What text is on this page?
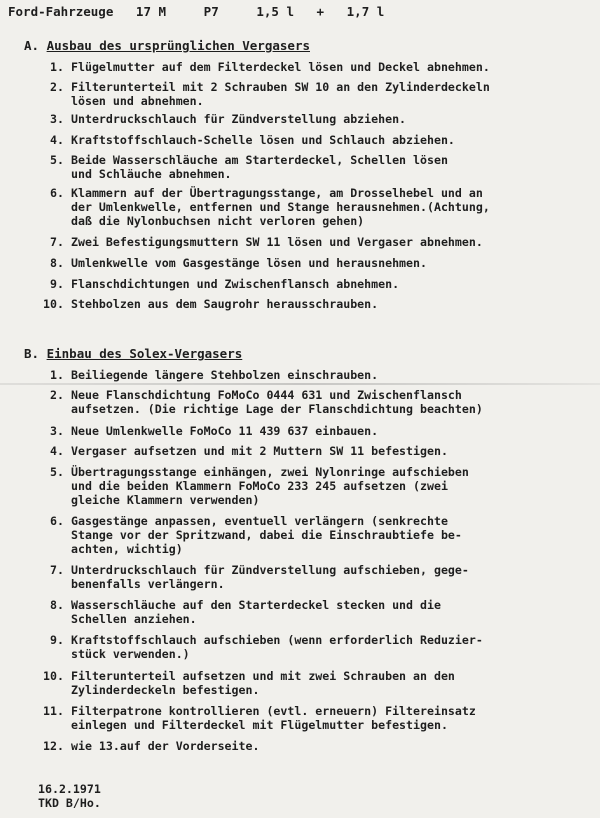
Ford-Fahrzeuge   17 M     P7     1,5 l   +   1,7 l
A. Ausbau des ursprünglichen Vergasers
1. Flügelmutter auf dem Filterdeckel lösen und Deckel abnehmen.
2. Filterunterteil mit 2 Schrauben SW 10 an den Zylinderdeckeln
lösen und abnehmen.
3. Unterdruckschlauch für Zündverstellung abziehen.
4. Kraftstoffschlauch-Schelle lösen und Schlauch abziehen.
5. Beide Wasserschläuche am Starterdeckel, Schellen lösen
und Schläuche abnehmen.
6. Klammern auf der Übertragungsstange, am Drosselhebel und an
der Umlenkwelle, entfernen und Stange herausnehmen.(Achtung,
daß die Nylonbuchsen nicht verloren gehen)
7. Zwei Befestigungsmuttern SW 11 lösen und Vergaser abnehmen.
8. Umlenkwelle vom Gasgestänge lösen und herausnehmen.
9. Flanschdichtungen und Zwischenflansch abnehmen.
10. Stehbolzen aus dem Saugrohr herausschrauben.
B. Einbau des Solex-Vergasers
1. Beiliegende längere Stehbolzen einschrauben.
2. Neue Flanschdichtung FoMoCo 0444 631 und Zwischenflansch
aufsetzen. (Die richtige Lage der Flanschdichtung beachten)
3. Neue Umlenkwelle FoMoCo 11 439 637 einbauen.
4. Vergaser aufsetzen und mit 2 Muttern SW 11 befestigen.
5. Übertragungsstange einhängen, zwei Nylonringe aufschieben
und die beiden Klammern FoMoCo 233 245 aufsetzen (zwei
gleiche Klammern verwenden)
6. Gasgestänge anpassen, eventuell verlängern (senkrechte
Stange vor der Spritzwand, dabei die Einschraubtiefe be-
achten, wichtig)
7. Unterdruckschlauch für Zündverstellung aufschieben, gege-
benenfalls verlängern.
8. Wasserschläuche auf den Starterdeckel stecken und die
Schellen anziehen.
9. Kraftstoffschlauch aufschieben (wenn erforderlich Reduzier-
stück verwenden.)
10. Filterunterteil aufsetzen und mit zwei Schrauben an den
Zylinderdeckeln befestigen.
11. Filterpatrone kontrollieren (evtl. erneuern) Filtereinsatz
einlegen und Filterdeckel mit Flügelmutter befestigen.
12. wie 13.auf der Vorderseite.
16.2.1971
TKD B/Ho.
